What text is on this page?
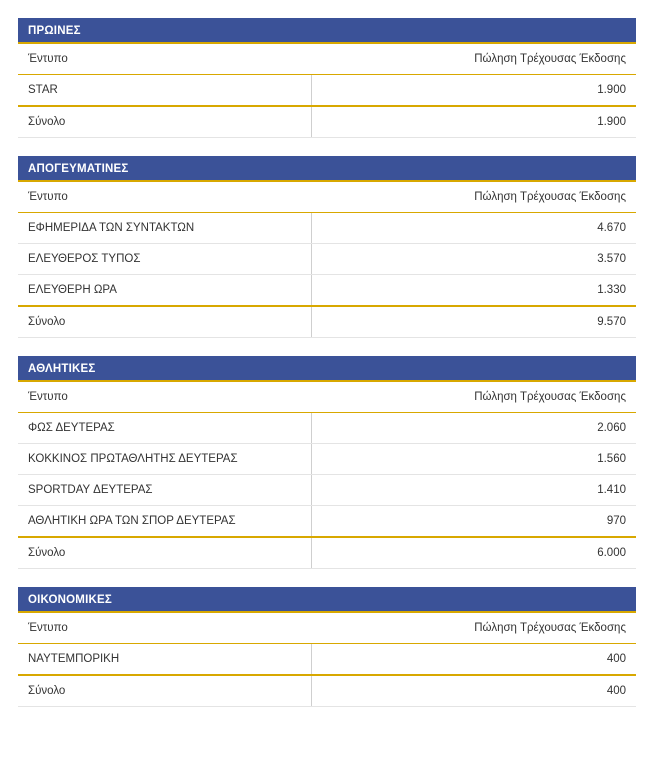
ΠΡΩΙΝΕΣ
Έντυπο	Πώληση Τρέχουσας Έκδοσης
STAR	1.900
Σύνολο	1.900
ΑΠΟΓΕΥΜΑΤΙΝΕΣ
Έντυπο	Πώληση Τρέχουσας Έκδοσης
ΕΦΗΜΕΡΙΔΑ ΤΩΝ ΣΥΝΤΑΚΤΩΝ	4.670
ΕΛΕΥΘΕΡΟΣ ΤΥΠΟΣ	3.570
ΕΛΕΥΘΕΡΗ ΩΡΑ	1.330
Σύνολο	9.570
ΑΘΛΗΤΙΚΕΣ
Έντυπο	Πώληση Τρέχουσας Έκδοσης
ΦΩΣ ΔΕΥΤΕΡΑΣ	2.060
ΚΟΚΚΙΝΟΣ ΠΡΩΤΑΘΛΗΤΗΣ ΔΕΥΤΕΡΑΣ	1.560
SPORTDAY ΔΕΥΤΕΡΑΣ	1.410
ΑΘΛΗΤΙΚΗ ΩΡΑ ΤΩΝ ΣΠΟΡ ΔΕΥΤΕΡΑΣ	970
Σύνολο	6.000
ΟΙΚΟΝΟΜΙΚΕΣ
Έντυπο	Πώληση Τρέχουσας Έκδοσης
ΝΑΥΤΕΜΠΟΡΙΚΗ	400
Σύνολο	400
